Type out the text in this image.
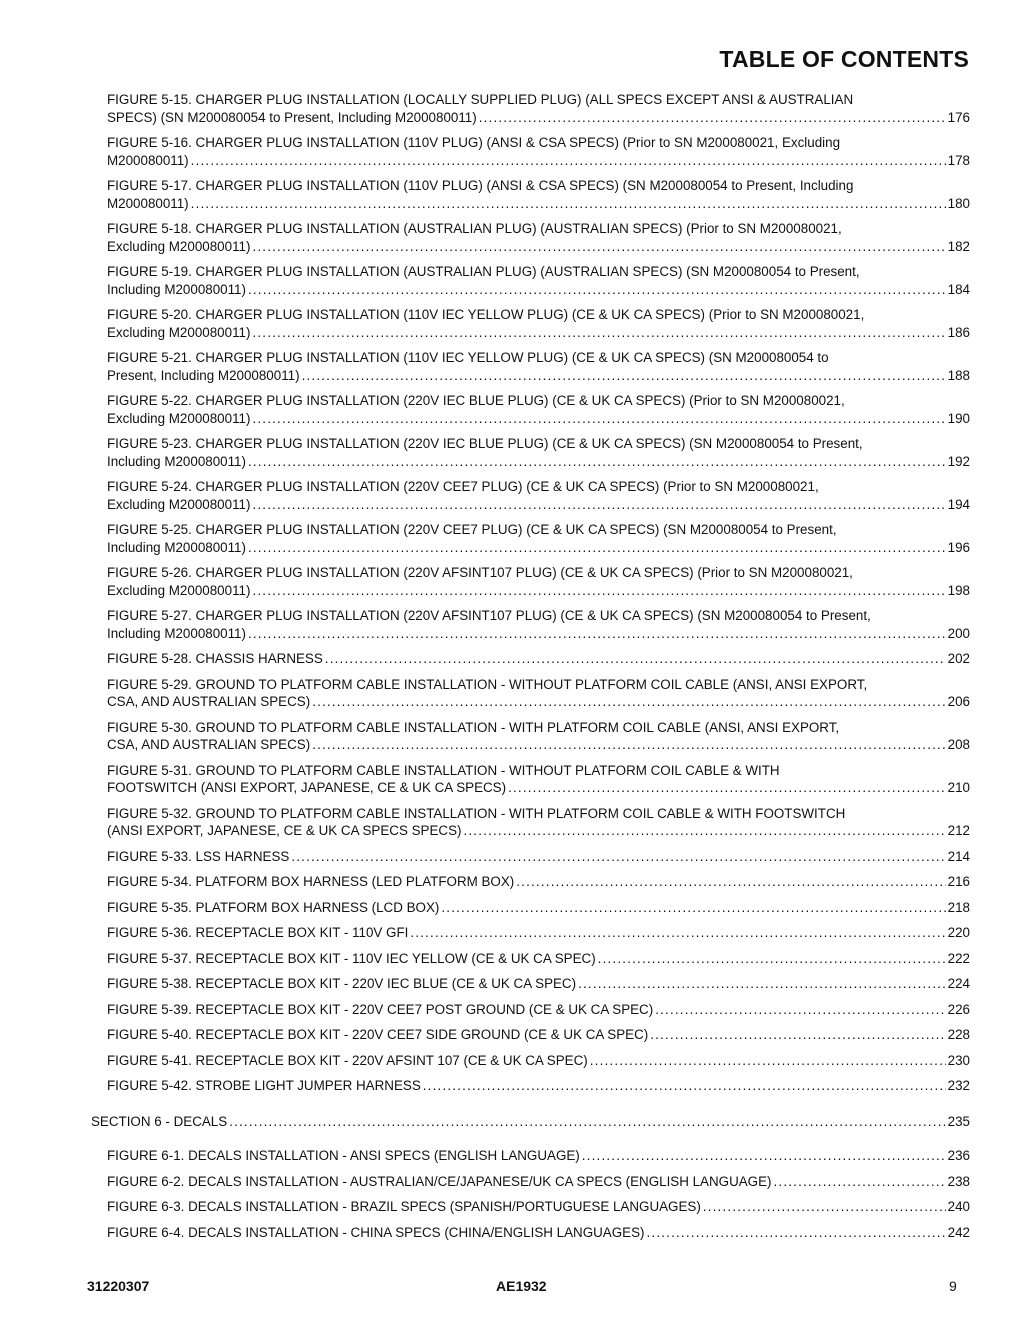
TABLE OF CONTENTS
FIGURE 5-15. CHARGER PLUG INSTALLATION (LOCALLY SUPPLIED PLUG) (ALL SPECS EXCEPT ANSI & AUSTRALIAN
SPECS) (SN M200080054 to Present, Including M200080011) .....	176
FIGURE 5-16. CHARGER PLUG INSTALLATION (110V PLUG) (ANSI & CSA SPECS) (Prior to SN M200080021, Excluding
M200080011) .....	178
FIGURE 5-17. CHARGER PLUG INSTALLATION (110V PLUG) (ANSI & CSA SPECS) (SN M200080054 to Present, Including
M200080011) .....	180
FIGURE 5-18. CHARGER PLUG INSTALLATION (AUSTRALIAN PLUG) (AUSTRALIAN SPECS) (Prior to SN M200080021,
Excluding M200080011) .....	182
FIGURE 5-19. CHARGER PLUG INSTALLATION (AUSTRALIAN PLUG) (AUSTRALIAN SPECS) (SN M200080054 to Present,
Including M200080011) .....	184
FIGURE 5-20. CHARGER PLUG INSTALLATION (110V IEC YELLOW PLUG) (CE & UK CA SPECS) (Prior to SN M200080021,
Excluding M200080011) .....	186
FIGURE 5-21. CHARGER PLUG INSTALLATION (110V IEC YELLOW PLUG) (CE & UK CA SPECS) (SN M200080054 to
Present, Including M200080011) .....	188
FIGURE 5-22. CHARGER PLUG INSTALLATION (220V IEC BLUE PLUG) (CE & UK CA SPECS) (Prior to SN M200080021,
Excluding M200080011) .....	190
FIGURE 5-23. CHARGER PLUG INSTALLATION (220V IEC BLUE PLUG) (CE & UK CA SPECS) (SN M200080054 to Present,
Including M200080011) .....	192
FIGURE 5-24. CHARGER PLUG INSTALLATION (220V CEE7 PLUG) (CE & UK CA SPECS) (Prior to SN M200080021,
Excluding M200080011) .....	194
FIGURE 5-25. CHARGER PLUG INSTALLATION (220V CEE7 PLUG) (CE & UK CA SPECS) (SN M200080054 to Present,
Including M200080011) .....	196
FIGURE 5-26. CHARGER PLUG INSTALLATION (220V AFSINT107 PLUG) (CE & UK CA SPECS) (Prior to SN M200080021,
Excluding M200080011) .....	198
FIGURE 5-27. CHARGER PLUG INSTALLATION (220V AFSINT107 PLUG) (CE & UK CA SPECS) (SN M200080054 to Present,
Including M200080011) .....	200
FIGURE 5-28. CHASSIS HARNESS .....	202
FIGURE 5-29. GROUND TO PLATFORM CABLE INSTALLATION - WITHOUT PLATFORM COIL CABLE (ANSI, ANSI EXPORT,
CSA, AND AUSTRALIAN SPECS) .....	206
FIGURE 5-30. GROUND TO PLATFORM CABLE INSTALLATION - WITH PLATFORM COIL CABLE (ANSI, ANSI EXPORT,
CSA, AND AUSTRALIAN SPECS) .....	208
FIGURE 5-31. GROUND TO PLATFORM CABLE INSTALLATION - WITHOUT PLATFORM COIL CABLE & WITH
FOOTSWITCH (ANSI EXPORT, JAPANESE, CE & UK CA SPECS) .....	210
FIGURE 5-32. GROUND TO PLATFORM CABLE INSTALLATION - WITH PLATFORM COIL CABLE & WITH FOOTSWITCH
(ANSI EXPORT, JAPANESE, CE & UK CA SPECS SPECS) .....	212
FIGURE 5-33. LSS HARNESS .....	214
FIGURE 5-34. PLATFORM BOX HARNESS (LED PLATFORM BOX) .....	216
FIGURE 5-35. PLATFORM BOX HARNESS (LCD BOX) .....	218
FIGURE 5-36. RECEPTACLE BOX KIT - 110V GFI .....	220
FIGURE 5-37. RECEPTACLE BOX KIT - 110V IEC YELLOW (CE & UK CA SPEC) .....	222
FIGURE 5-38. RECEPTACLE BOX KIT - 220V IEC BLUE (CE & UK CA SPEC) .....	224
FIGURE 5-39. RECEPTACLE BOX KIT - 220V CEE7 POST GROUND (CE & UK CA SPEC) .....	226
FIGURE 5-40. RECEPTACLE BOX KIT - 220V CEE7 SIDE GROUND (CE & UK CA SPEC) .....	228
FIGURE 5-41. RECEPTACLE BOX KIT - 220V AFSINT 107 (CE & UK CA SPEC) .....	230
FIGURE 5-42. STROBE LIGHT JUMPER HARNESS .....	232
SECTION 6 - DECALS .....	235
FIGURE 6-1. DECALS INSTALLATION - ANSI SPECS (ENGLISH LANGUAGE) .....	236
FIGURE 6-2. DECALS INSTALLATION - AUSTRALIAN/CE/JAPANESE/UK CA SPECS (ENGLISH LANGUAGE) .....	238
FIGURE 6-3. DECALS INSTALLATION - BRAZIL SPECS (SPANISH/PORTUGUESE LANGUAGES) .....	240
FIGURE 6-4. DECALS INSTALLATION - CHINA SPECS (CHINA/ENGLISH LANGUAGES) .....	242
31220307	AE1932	9
